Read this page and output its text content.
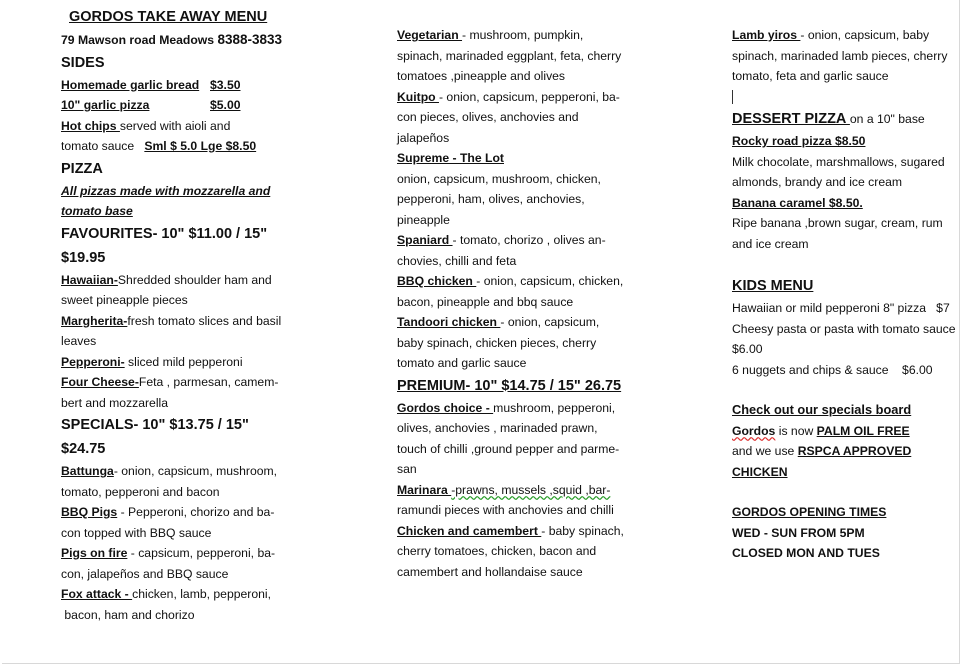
GORDOS TAKE AWAY MENU
79 Mawson road Meadows 8388-3833
SIDES
Homemade garlic bread $3.50
10" garlic pizza	$5.00
Hot chips served with aioli and
tomato sauce Sml $ 5.0 Lge $8.50
PIZZA
All pizzas made with mozzarella and
tomato base
FAVOURITES- 10" $11.00 / 15"
$19.95
Hawaiian-Shredded shoulder ham and
sweet pineapple pieces
Margherita-fresh tomato slices and basil
leaves
Pepperoni- sliced mild pepperoni
Four Cheese-Feta , parmesan, camem-
bert and mozzarella
SPECIALS- 10" $13.75 / 15"
$24.75
Battunga- onion, capsicum, mushroom,
tomato, pepperoni and bacon
BBQ Pigs - Pepperoni, chorizo and ba-
con topped with BBQ sauce
Pigs on fire - capsicum, pepperoni, ba-
con, jalapeños and BBQ sauce
Fox attack - chicken, lamb, pepperoni,
bacon, ham and chorizo
Vegetarian - mushroom, pumpkin,
spinach, marinaded eggplant, feta, cherry
tomatoes ,pineapple and olives
Kuitpo - onion, capsicum, pepperoni, ba-
con pieces, olives, anchovies and
jalapeños
Supreme - The Lot
onion, capsicum, mushroom, chicken,
pepperoni, ham, olives, anchovies,
pineapple
Spaniard - tomato, chorizo , olives an-
chovies, chilli and feta
BBQ chicken - onion, capsicum, chicken,
bacon, pineapple and bbq sauce
Tandoori chicken - onion, capsicum,
baby spinach, chicken pieces, cherry
tomato and garlic sauce
PREMIUM- 10" $14.75 / 15" 26.75
Gordos choice - mushroom, pepperoni,
olives, anchovies , marinaded prawn,
touch of chilli ,ground pepper and parme-
san
Marinara -prawns, mussels ,squid ,bar-
ramundi pieces with anchovies and chilli
Chicken and camembert - baby spinach,
cherry tomatoes, chicken, bacon and
camembert and hollandaise sauce
Lamb yiros - onion, capsicum, baby
spinach, marinaded lamb pieces, cherry
tomato, feta and garlic sauce
DESSERT PIZZA on a 10" base
Rocky road pizza $8.50
Milk chocolate, marshmallows, sugared
almonds, brandy and ice cream
Banana caramel $8.50.
Ripe banana ,brown sugar, cream, rum
and ice cream
KIDS MENU
Hawaiian or mild pepperoni 8" pizza   $7
Cheesy pasta or pasta with tomato sauce
$6.00
6 nuggets and chips & sauce    $6.00
Check out our specials board
Gordos is now PALM OIL FREE
and we use RSPCA APPROVED
CHICKEN
GORDOS OPENING TIMES
WED - SUN FROM 5PM
CLOSED MON AND TUES
